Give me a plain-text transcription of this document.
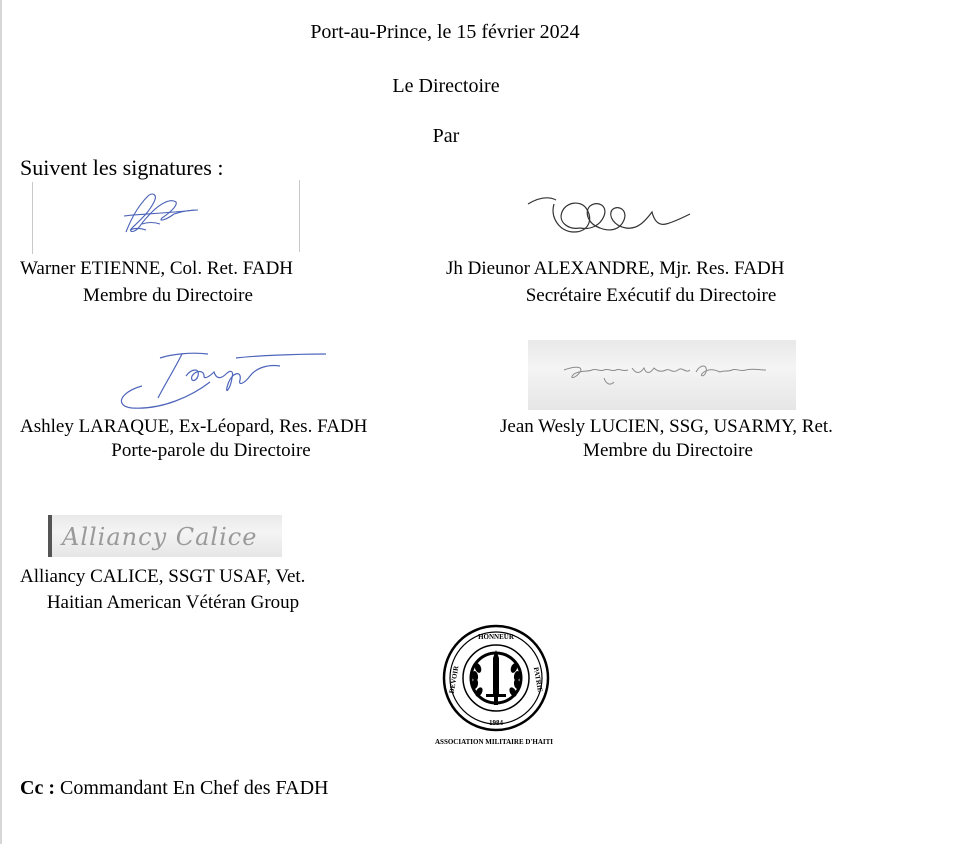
Port-au-Prince, le 15 février 2024
Le Directoire
Par
Suivent les signatures :
Warner ETIENNE, Col. Ret. FADH
Membre du Directoire
Jh Dieunor ALEXANDRE, Mjr. Res. FADH
Secrétaire Exécutif du Directoire
Ashley LARAQUE, Ex-Léopard, Res. FADH
Porte-parole du Directoire
Jean Wesly LUCIEN, SSG, USARMY, Ret.
Membre du Directoire
Alliancy Calice
Alliancy CALICE, SSGT USAF, Vet.
Haitian American Vétéran Group
HONNEUR
DEVOIR	PATRIE
1984
ASSOCIATION MILITAIRE D'HAITI
Cc : Commandant En Chef des FADH
